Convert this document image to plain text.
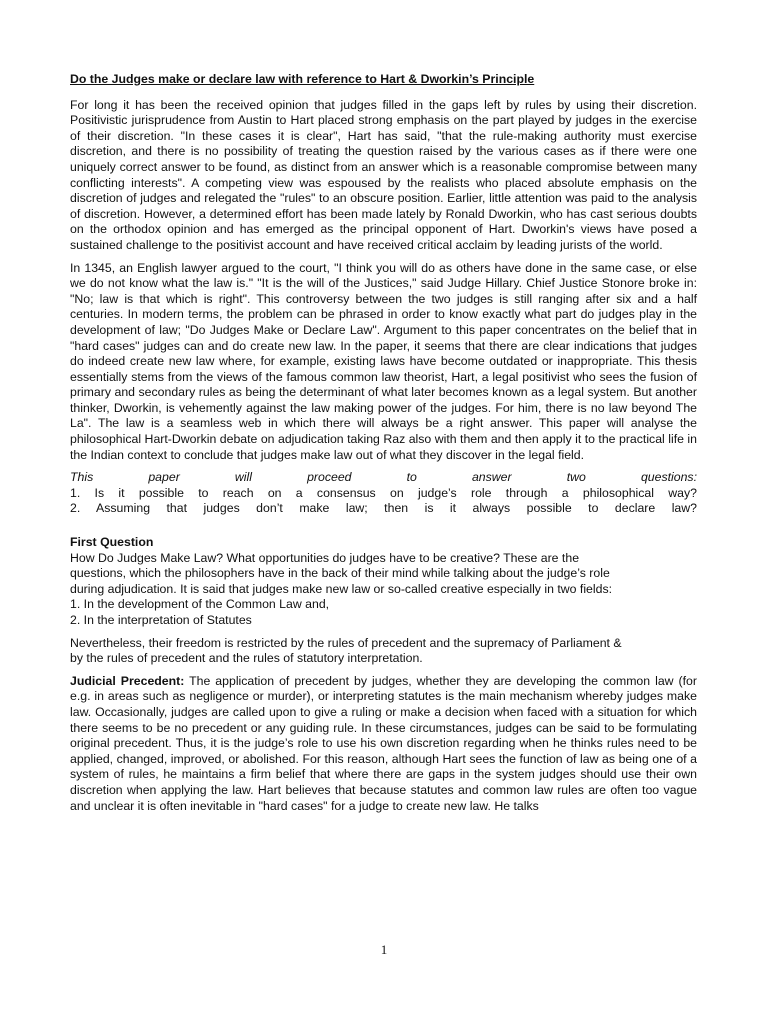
Do the Judges make or declare law with reference to Hart & Dworkin’s Principle

For long it has been the received opinion that judges filled in the gaps left by rules by using their discretion. Positivistic jurisprudence from Austin to Hart placed strong emphasis on the part played by judges in the exercise of their discretion. "In these cases it is clear", Hart has said, "that the rule-making authority must exercise discretion, and there is no possibility of treating the question raised by the various cases as if there were one uniquely correct answer to be found, as distinct from an answer which is a reasonable compromise between many conflicting interests". A competing view was espoused by the realists who placed absolute emphasis on the discretion of judges and relegated the "rules" to an obscure position. Earlier, little attention was paid to the analysis of discretion. However, a determined effort has been made lately by Ronald Dworkin, who has cast serious doubts on the orthodox opinion and has emerged as the principal opponent of Hart. Dworkin's views have posed a sustained challenge to the positivist account and have received critical acclaim by leading jurists of the world.

In 1345, an English lawyer argued to the court, "I think you will do as others have done in the same case, or else we do not know what the law is." "It is the will of the Justices," said Judge Hillary. Chief Justice Stonore broke in: "No; law is that which is right". This controversy between the two judges is still ranging after six and a half centuries. In modern terms, the problem can be phrased in order to know exactly what part do judges play in the development of law; "Do Judges Make or Declare Law". Argument to this paper concentrates on the belief that in "hard cases" judges can and do create new law. In the paper, it seems that there are clear indications that judges do indeed create new law where, for example, existing laws have become outdated or inappropriate. This thesis essentially stems from the views of the famous common law theorist, Hart, a legal positivist who sees the fusion of primary and secondary rules as being the determinant of what later becomes known as a legal system. But another thinker, Dworkin, is vehemently against the law making power of the judges. For him, there is no law beyond The La". The law is a seamless web in which there will always be a right answer. This paper will analyse the philosophical Hart-Dworkin debate on adjudication taking Raz also with them and then apply it to the practical life in the Indian context to conclude that judges make law out of what they discover in the legal field.

This paper will proceed to answer two questions:
1. Is it possible to reach on a consensus on judge’s role through a philosophical way?
2. Assuming that judges don’t make law; then is it always possible to declare law?
First Question
How Do Judges Make Law? What opportunities do judges have to be creative? These are the
questions, which the philosophers have in the back of their mind while talking about the judge’s role
during adjudication. It is said that judges make new law or so-called creative especially in two fields:
1. In the development of the Common Law and,
2. In the interpretation of Statutes
Nevertheless, their freedom is restricted by the rules of precedent and the supremacy of Parliament &
by the rules of precedent and the rules of statutory interpretation.

Judicial Precedent: The application of precedent by judges, whether they are developing the common law (for e.g. in areas such as negligence or murder), or interpreting statutes is the main mechanism whereby judges make law. Occasionally, judges are called upon to give a ruling or make a decision when faced with a situation for which there seems to be no precedent or any guiding rule. In these circumstances, judges can be said to be formulating original precedent. Thus, it is the judge’s role to use his own discretion regarding when he thinks rules need to be applied, changed, improved, or abolished. For this reason, although Hart sees the function of law as being one of a system of rules, he maintains a firm belief that where there are gaps in the system judges should use their own discretion when applying the law. Hart believes that because statutes and common law rules are often too vague and unclear it is often inevitable in "hard cases" for a judge to create new law. He talks

1
